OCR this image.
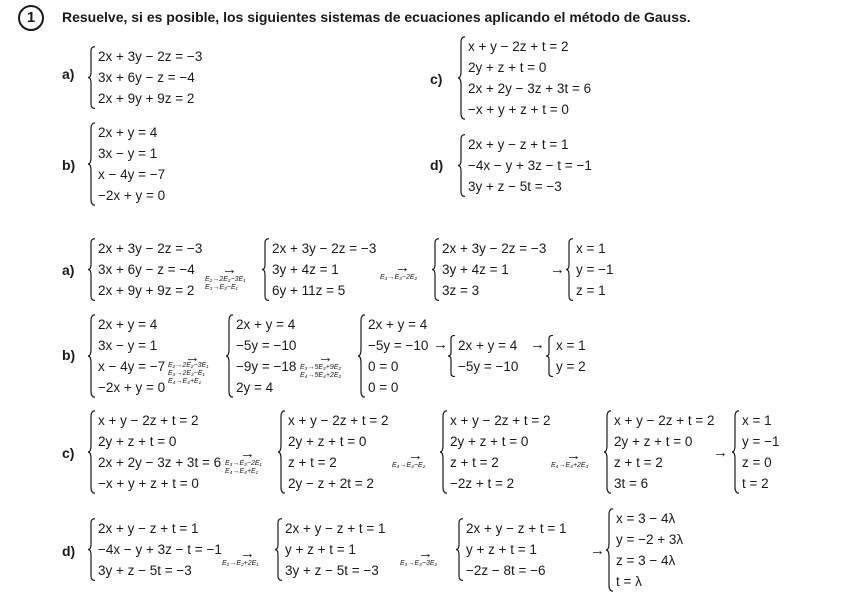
1	Resuelve, si es posible, los siguientes sistemas de ecuaciones aplicando el método de Gauss.
a)
2x + 3y − 2z = −3
3x + 6y − z = −4
2x + 9y + 9z = 2
c)
x + y − 2z + t = 2
2y + z + t = 0
2x + 2y − 3z + 3t = 6
−x + y + z + t = 0
b)
2x + y = 4
3x − y = 1
x − 4y = −7
−2x + y = 0
d)
2x + y − z + t = 1
−4x − y + 3z − t = −1
3y + z − 5t = −3
a)
2x + 3y − 2z = −3
3x + 6y − z = −4
2x + 9y + 9z = 2
→
E₂→2E₂−3E₁
E₃→E₃−E₁
2x + 3y − 2z = −3
3y + 4z = 1
6y + 11z = 5
→
E₃→E₃−2E₂
2x + 3y − 2z = −3
3y + 4z = 1
3z = 3
→
x = 1
y = −1
z = 1
b)
2x + y = 4
3x − y = 1
x − 4y = −7
−2x + y = 0
→
E₂→2E₂−3E₁
E₃→2E₃−E₁
E₄→E₄+E₁
2x + y = 4
−5y = −10
−9y = −18
2y = 4
→
E₃→5E₃+9E₂
E₄→5E₄+2E₂
2x + y = 4
−5y = −10
0 = 0
0 = 0
→ 2x + y = 4
−5y = −10
→ x = 1
y = 2
c)
x + y − 2z + t = 2
2y + z + t = 0
2x + 2y − 3z + 3t = 6
−x + y + z + t = 0
→
E₃→E₃−2E₁
E₄→E₄+E₁
x + y − 2z + t = 2
2y + z + t = 0
z + t = 2
2y − z + 2t = 2
→
E₄→E₄−E₂
x + y − 2z + t = 2
2y + z + t = 0
z + t = 2
−2z + t = 2
→
E₄→E₄+2E₃
x + y − 2z + t = 2
2y + z + t = 0
z + t = 2
3t = 6
→
x = 1
y = −1
z = 0
t = 2
d)
2x + y − z + t = 1
−4x − y + 3z − t = −1
3y + z − 5t = −3
→
E₂→E₂+2E₁
2x + y − z + t = 1
y + z + t = 1
3y + z − 5t = −3
→
E₃→E₃−3E₂
2x + y − z + t = 1
y + z + t = 1
−2z − 8t = −6
→
x = 3 − 4λ
y = −2 + 3λ
z = 3 − 4λ
t = λ
